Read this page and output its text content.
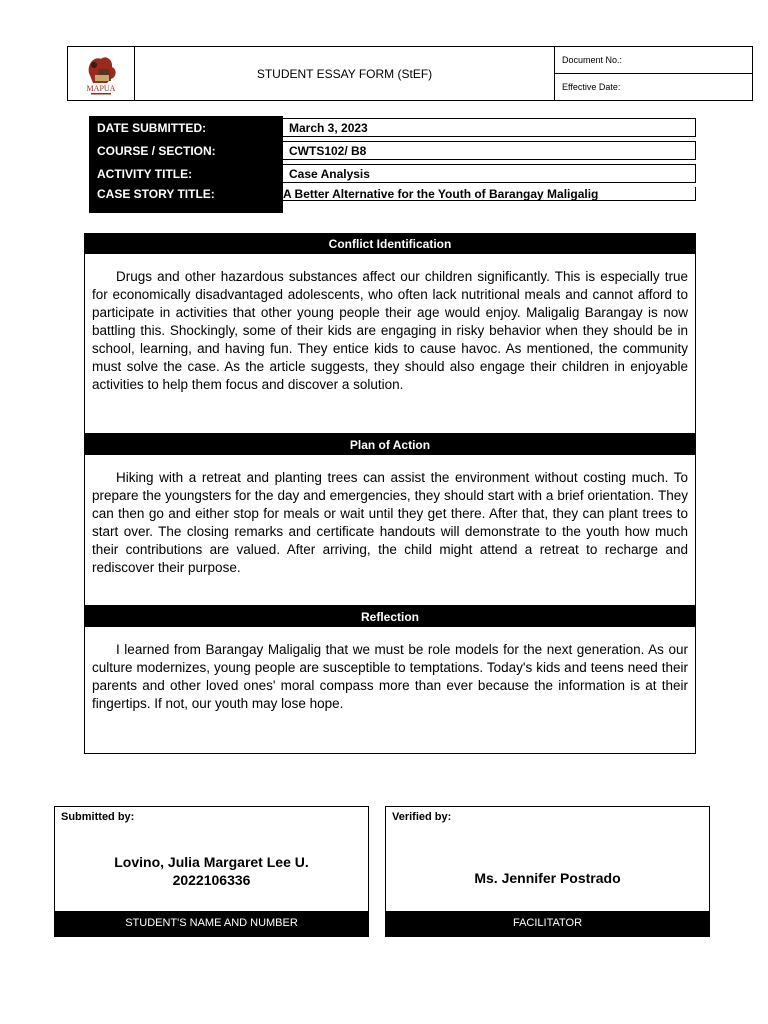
MAPUA
STUDENT ESSAY FORM (StEF)
Document No.:
Effective Date:
DATE SUBMITTED:	March 3, 2023
COURSE / SECTION:	CWTS102/ B8
ACTIVITY TITLE:	Case Analysis
CASE STORY TITLE:	A Better Alternative for the Youth of Barangay Maligalig
Conflict Identification
Drugs and other hazardous substances affect our children significantly. This is especially true for economically disadvantaged adolescents, who often lack nutritional meals and cannot afford to participate in activities that other young people their age would enjoy. Maligalig Barangay is now battling this. Shockingly, some of their kids are engaging in risky behavior when they should be in school, learning, and having fun. They entice kids to cause havoc. As mentioned, the community must solve the case. As the article suggests, they should also engage their children in enjoyable activities to help them focus and discover a solution.
Plan of Action
Hiking with a retreat and planting trees can assist the environment without costing much. To prepare the youngsters for the day and emergencies, they should start with a brief orientation. They can then go and either stop for meals or wait until they get there. After that, they can plant trees to start over. The closing remarks and certificate handouts will demonstrate to the youth how much their contributions are valued. After arriving, the child might attend a retreat to recharge and rediscover their purpose.
Reflection
I learned from Barangay Maligalig that we must be role models for the next generation. As our culture modernizes, young people are susceptible to temptations. Today's kids and teens need their parents and other loved ones' moral compass more than ever because the information is at their fingertips. If not, our youth may lose hope.
Submitted by:
Lovino, Julia Margaret Lee U.
2022106336
STUDENT'S NAME AND NUMBER
Verified by:
Ms. Jennifer Postrado
FACILITATOR
